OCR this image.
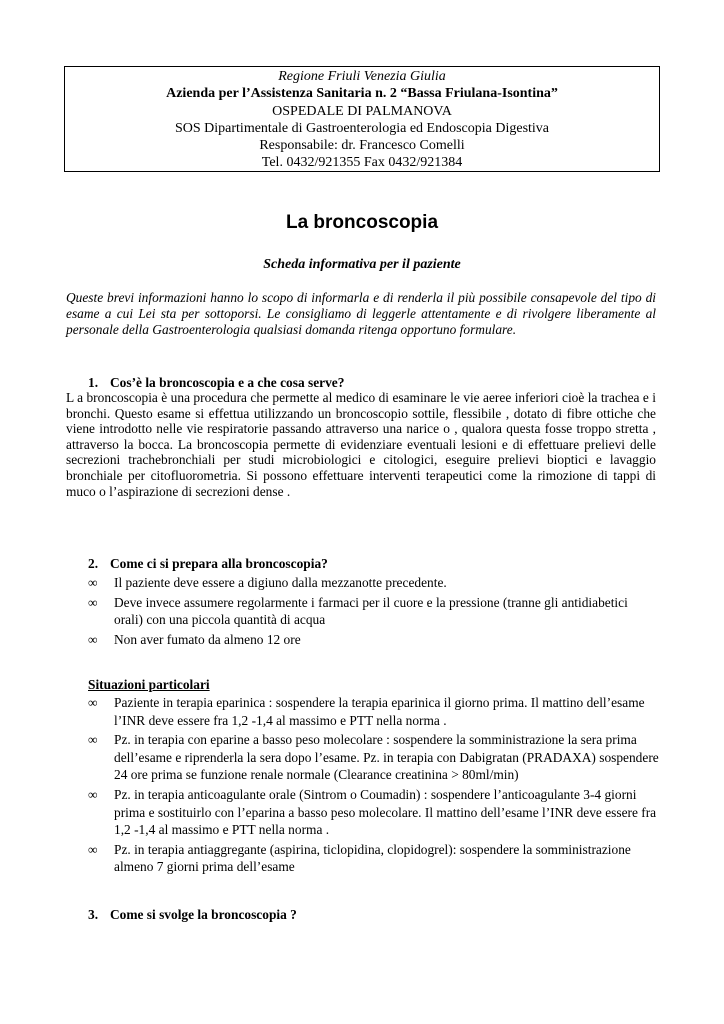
Regione Friuli Venezia Giulia
Azienda per l’Assistenza Sanitaria n. 2 “Bassa Friulana-Isontina”
OSPEDALE DI PALMANOVA
SOS Dipartimentale di Gastroenterologia ed Endoscopia Digestiva
Responsabile: dr. Francesco Comelli
Tel. 0432/921355 Fax 0432/921384
La broncoscopia
Scheda informativa per il paziente
Queste brevi informazioni hanno lo scopo di informarla e di renderla il più possibile consapevole del tipo di esame a cui Lei sta per sottoporsi. Le consigliamo di leggerle attentamente e di rivolgere liberamente al personale della Gastroenterologia qualsiasi domanda ritenga opportuno formulare.
1. Cos’è la broncoscopia e a che cosa serve?
L a broncoscopia è una procedura che permette al medico di esaminare le vie aeree inferiori cioè la trachea e i bronchi. Questo esame si effettua utilizzando un broncoscopio sottile, flessibile , dotato di fibre ottiche che viene introdotto nelle vie respiratorie passando attraverso una narice o , qualora questa fosse troppo stretta , attraverso la bocca. La broncoscopia permette di evidenziare eventuali lesioni e di effettuare prelievi delle secrezioni trachebronchiali per studi microbiologici e citologici, eseguire prelievi bioptici e lavaggio bronchiale per citofluorometria. Si possono effettuare interventi terapeutici come la rimozione di tappi di muco o l’aspirazione di secrezioni dense .
2. Come ci si prepara alla broncoscopia?
∞ Il paziente deve essere a digiuno dalla mezzanotte precedente.
∞ Deve invece assumere regolarmente i farmaci per il cuore e la pressione (tranne gli antidiabetici orali) con una piccola quantità di acqua
∞ Non aver fumato da almeno 12 ore
Situazioni particolari
∞ Paziente in terapia eparinica : sospendere la terapia eparinica il giorno prima. Il mattino dell’esame l’INR deve essere fra 1,2 -1,4 al massimo e PTT nella norma .
∞ Pz. in terapia con eparine a basso peso molecolare : sospendere la somministrazione la sera prima dell’esame e riprenderla la sera dopo l’esame. Pz. in terapia con Dabigratan (PRADAXA) sospendere 24 ore prima se funzione renale normale (Clearance creatinina > 80ml/min)
∞ Pz. in terapia anticoagulante orale (Sintrom o Coumadin) : sospendere l’anticoagulante 3-4 giorni prima e sostituirlo con l’eparina a basso peso molecolare. Il mattino dell’esame l’INR deve essere fra 1,2 -1,4 al massimo e PTT nella norma .
∞ Pz. in terapia antiaggregante (aspirina, ticlopidina, clopidogrel): sospendere la somministrazione almeno 7 giorni prima dell’esame
3. Come si svolge la broncoscopia ?
